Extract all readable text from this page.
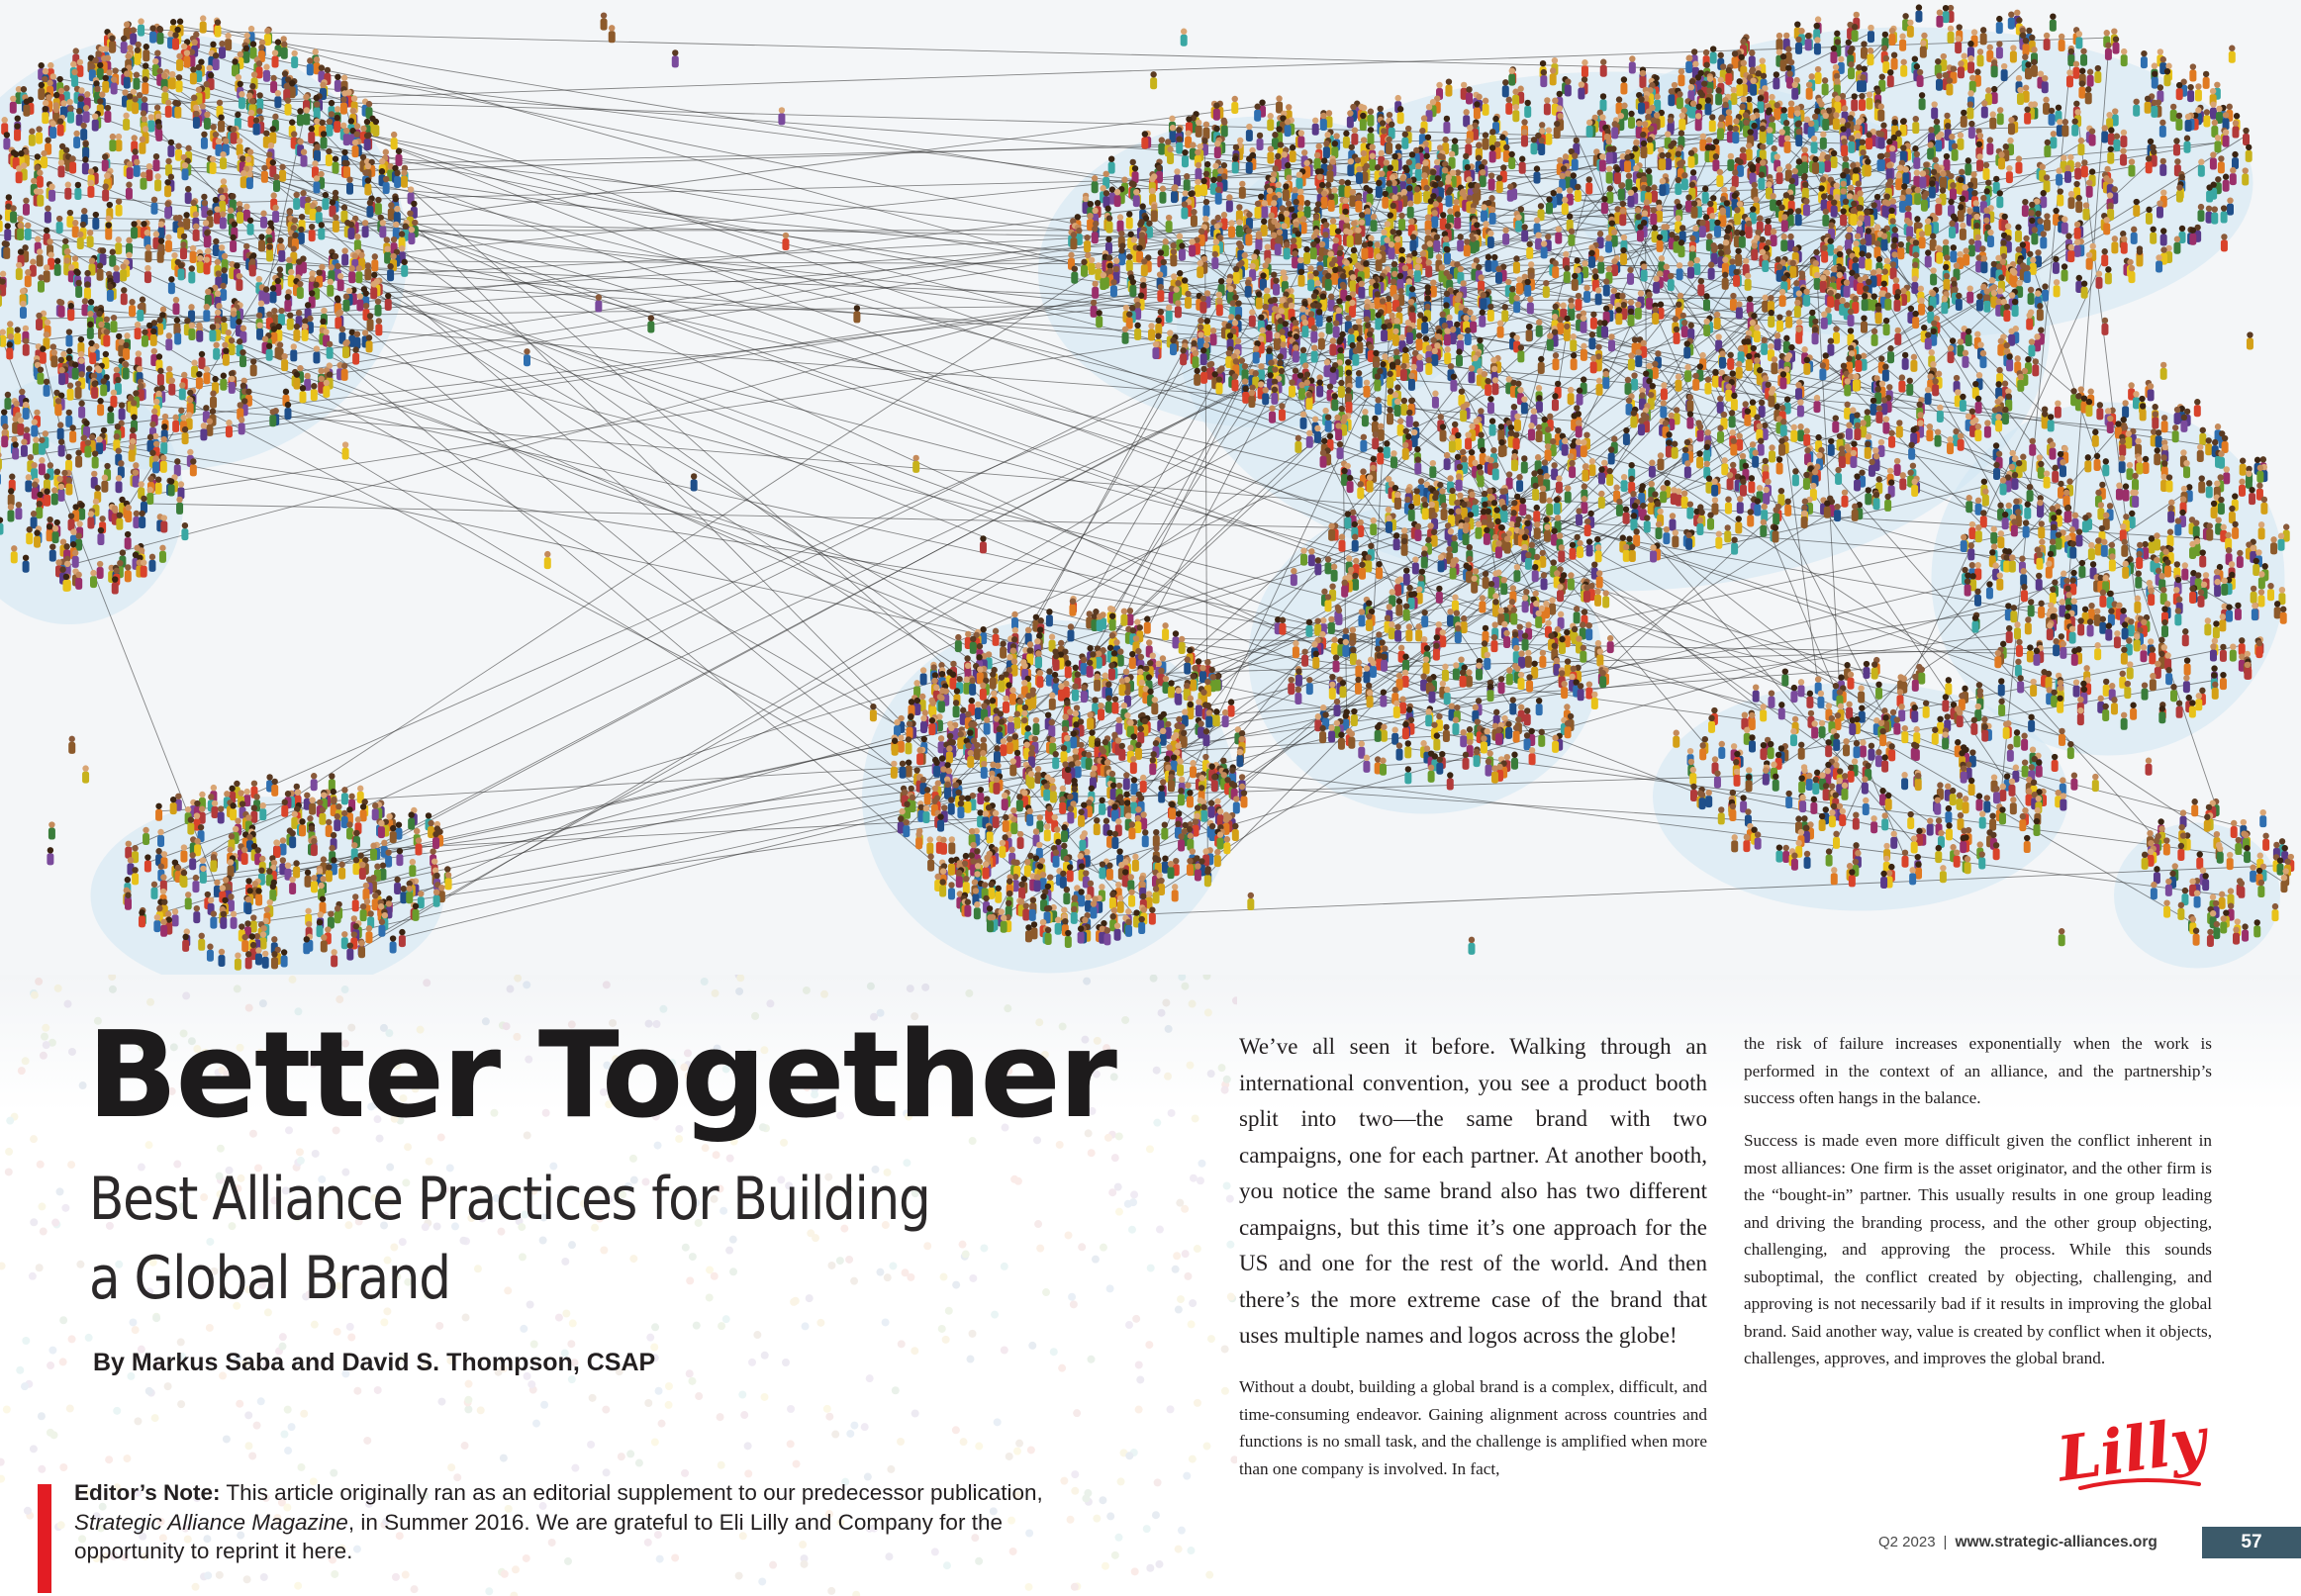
Better Together
Best Alliance Practices for Building a Global Brand

By Markus Saba and David S. Thompson, CSAP

Editor’s Note: This article originally ran as an editorial supplement to our predecessor publication, Strategic Alliance Magazine, in Summer 2016. We are grateful to Eli Lilly and Company for the opportunity to reprint it here.

We’ve all seen it before. Walking through an international convention, you see a product booth split into two—the same brand with two campaigns, one for each partner. At another booth, you notice the same brand also has two different campaigns, but this time it’s one approach for the US and one for the rest of the world. And then there’s the more extreme case of the brand that uses multiple names and logos across the globe!

Without a doubt, building a global brand is a complex, difficult, and time-consuming endeavor. Gaining alignment across countries and functions is no small task, and the challenge is amplified when more than one company is involved. In fact,

the risk of failure increases exponentially when the work is performed in the context of an alliance, and the partnership’s success often hangs in the balance.

Success is made even more difficult given the conflict inherent in most alliances: One firm is the asset originator, and the other firm is the “bought-in” partner. This usually results in one group leading and driving the branding process, and the other group objecting, challenging, and approving the process. While this sounds suboptimal, the conflict created by objecting, challenging, and approving is not necessarily bad if it results in improving the global brand. Said another way, value is created by conflict when it objects, challenges, approves, and improves the global brand.

Lilly
Q2 2023 | www.strategic-alliances.org	57
